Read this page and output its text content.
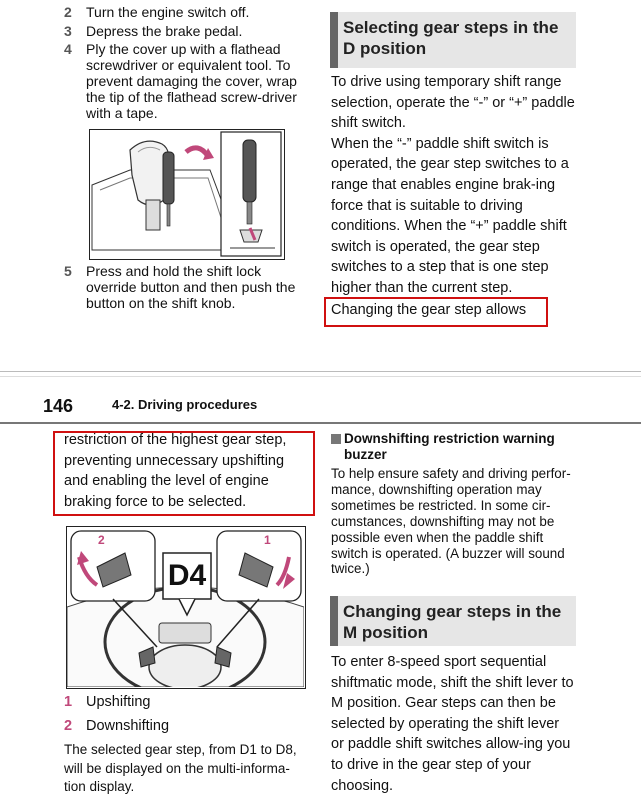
2 Turn the engine switch off.
3 Depress the brake pedal.
4 Ply the cover up with a flathead screwdriver or equivalent tool. To prevent damaging the cover, wrap the tip of the flathead screw-driver with a tape.
5 Press and hold the shift lock override button and then push the button on the shift knob.
Selecting gear steps in the D position
To drive using temporary shift range selection, operate the “-” or “+” paddle shift switch.
When the “-” paddle shift switch is operated, the gear step switches to a range that enables engine brak-ing force that is suitable to driving conditions. When the “+” paddle shift switch is operated, the gear step switches to a step that is one step higher than the current step.
Changing the gear step allows
146	4-2. Driving procedures
restriction of the highest gear step, preventing unnecessary upshifting and enabling the level of engine braking force to be selected.
D4
2	1
1 Upshifting
2 Downshifting
The selected gear step, from D1 to D8, will be displayed on the multi-informa-tion display.
Downshifting restriction warning buzzer
To help ensure safety and driving perfor-mance, downshifting operation may sometimes be restricted. In some cir-cumstances, downshifting may not be possible even when the paddle shift switch is operated. (A buzzer will sound twice.)
Changing gear steps in the M position
To enter 8-speed sport sequential shiftmatic mode, shift the shift lever to M position. Gear steps can then be selected by operating the shift lever or paddle shift switches allow-ing you to drive in the gear step of your choosing.
